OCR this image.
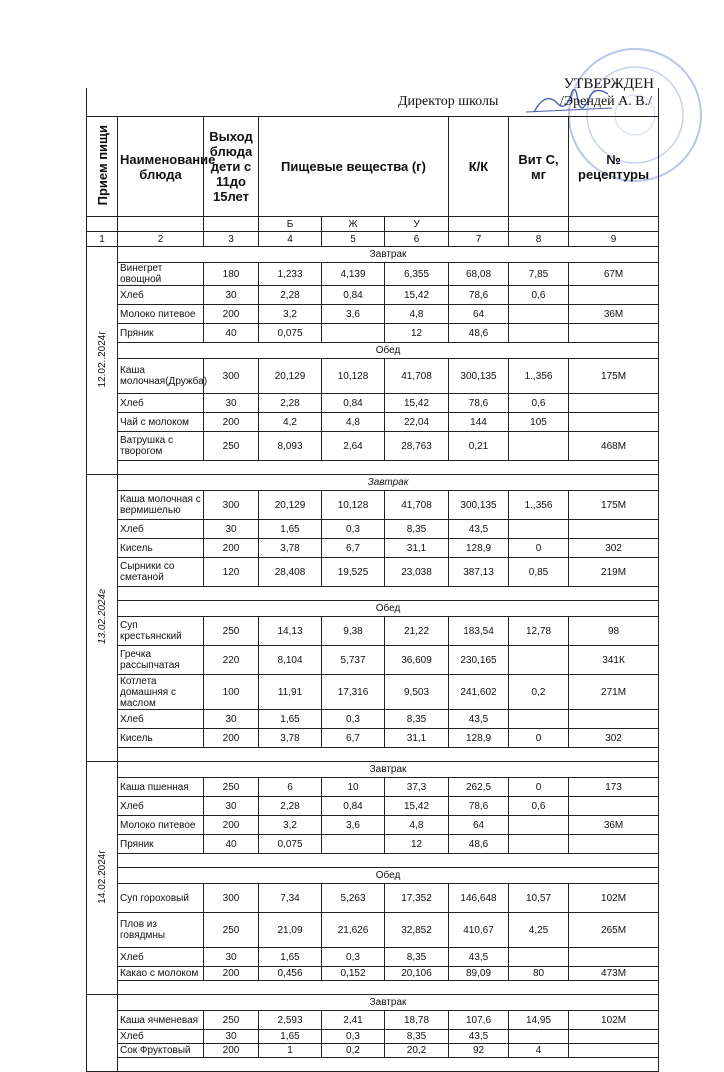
УТВЕРЖДЕН
Директор школы	/Эрендей А. В./

Прием пищи	Наименование блюда	Выход блюда дети с 11до 15лет	Пищевые вещества (г)			К/К	Вит С, мг	№ рецептуры
			Б	Ж	У			
1	2	3	4	5	6	7	8	9
12.02..2024г	Завтрак							
	Винегрет овощной	180	1,233	4,139	6,355	68,08	7,85	67М
	Хлеб	30	2,28	0,84	15,42	78,6	0,6	
	Молоко питевое	200	3,2	3,6	4,8	64		36М
	Пряник	40	0,075		12	48,6		
	Обед							
	Каша молочная(Дружба)	300	20,129	10,128	41,708	300,135	1.,356	175М
	Хлеб	30	2,28	0,84	15,42	78,6	0,6	
	Чай с молоком	200	4,2	4,8	22,04	144	105	
	Ватрушка с творогом	250	8,093	2,64	28,763	0,21		468М

13.02.2024г	Завтрак							
	Каша молочная с вермишелью	300	20,129	10,128	41,708	300,135	1.,356	175М
	Хлеб	30	1,65	0,3	8,35	43,5		
	Кисель	200	3,78	6,7	31,1	128,9	0	302
	Сырники со сметаной	120	28,408	19,525	23,038	387,13	0,85	219М

	Обед							
	Суп крестьянский	250	14,13	9,38	21,22	183,54	12,78	98
	Гречка рассыпчатая	220	8,104	5,737	36,609	230,165		341К
	Котлета домашняя с маслом	100	11,91	17,316	9,503	241,602	0,2	271М
	Хлеб	30	1,65	0,3	8,35	43,5		
	Кисель	200	3,78	6,7	31,1	128,9	0	302

14.02.2024г	Завтрак							
	Каша пшенная	250	6	10	37,3	262,5	0	173
	Хлеб	30	2,28	0,84	15,42	78,6	0,6	
	Молоко питевое	200	3,2	3,6	4,8	64		36М
	Пряник	40	0,075		12	48,6		

	Обед							
	Суп гороховый	300	7,34	5,263	17,352	146,648	10,57	102М
	Плов из говядмны	250	21,09	21,626	32,852	410,67	4,25	265М
	Хлеб	30	1,65	0,3	8,35	43,5		
	Какао с молоком	200	0,456	0,152	20,106	89,09	80	473М

	Завтрак							
	Каша ячменевая	250	2,593	2,41	18,78	107,6	14,95	102М
	Хлеб	30	1,65	0,3	8,35	43,5		
	Сок Фруктовый	200	1	0,2	20,2	92	4	
